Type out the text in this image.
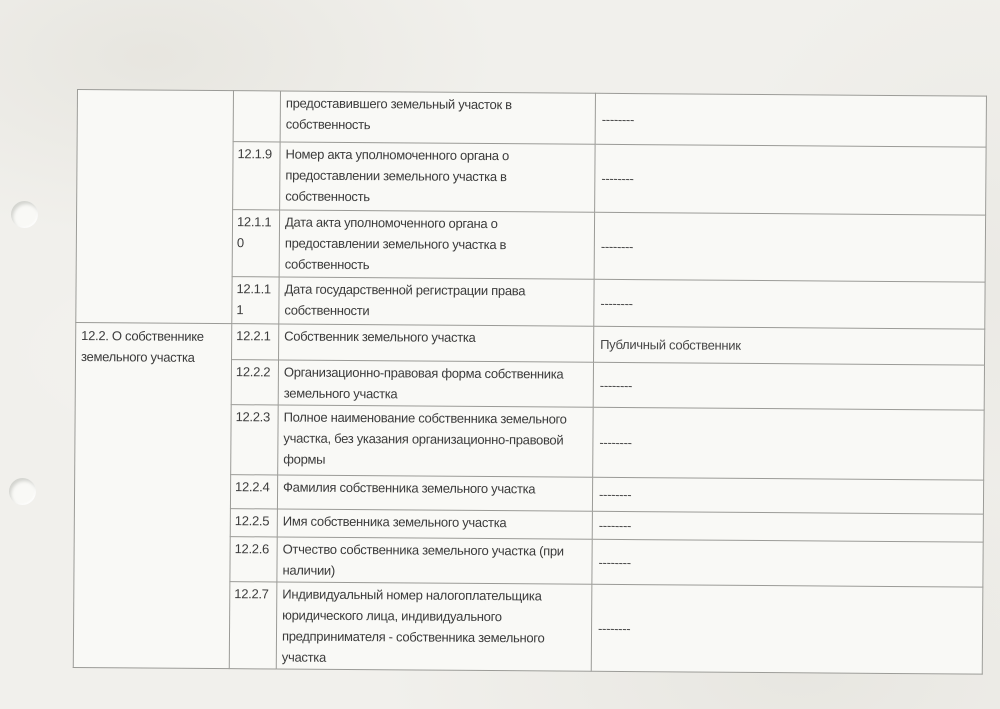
		предоставившего земельный участок в собственность	--------
	12.1.9	Номер акта уполномоченного органа о предоставлении земельного участка в собственность	--------
	12.1.10	Дата акта уполномоченного органа о предоставлении земельного участка в собственность	--------
	12.1.11	Дата государственной регистрации права собственности	--------
12.2. О собственнике земельного участка	12.2.1	Собственник земельного участка	Публичный собственник
	12.2.2	Организационно-правовая форма собственника земельного участка	--------
	12.2.3	Полное наименование собственника земельного участка, без указания организационно-правовой формы	--------
	12.2.4	Фамилия собственника земельного участка	--------
	12.2.5	Имя собственника земельного участка	--------
	12.2.6	Отчество собственника земельного участка (при наличии)	--------
	12.2.7	Индивидуальный номер налогоплательщика юридического лица, индивидуального предпринимателя - собственника земельного участка	--------
